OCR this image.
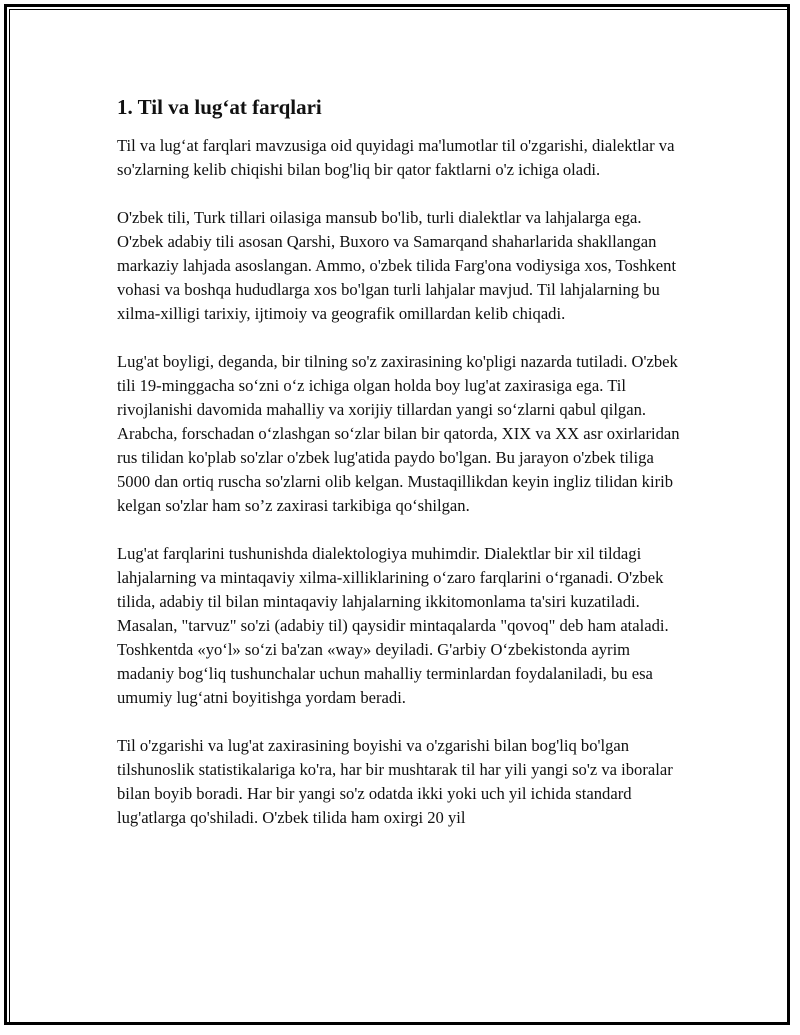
1. Til va lug‘at farqlari

Til va lug‘at farqlari mavzusiga oid quyidagi ma'lumotlar til o'zgarishi, dialektlar va so'zlarning kelib chiqishi bilan bog'liq bir qator faktlarni o'z ichiga oladi.

O'zbek tili, Turk tillari oilasiga mansub bo'lib, turli dialektlar va lahjalarga ega. O'zbek adabiy tili asosan Qarshi, Buxoro va Samarqand shaharlarida shakllangan markaziy lahjada asoslangan. Ammo, o'zbek tilida Farg'ona vodiysiga xos, Toshkent vohasi va boshqa hududlarga xos bo'lgan turli lahjalar mavjud. Til lahjalarning bu xilma-xilligi tarixiy, ijtimoiy va geografik omillardan kelib chiqadi.

Lug'at boyligi, deganda, bir tilning so'z zaxirasining ko'pligi nazarda tutiladi. O'zbek tili 19-minggacha so‘zni o‘z ichiga olgan holda boy lug'at zaxirasiga ega. Til rivojlanishi davomida mahalliy va xorijiy tillardan yangi so‘zlarni qabul qilgan. Arabcha, forschadan o‘zlashgan so‘zlar bilan bir qatorda, XIX va XX asr oxirlaridan rus tilidan ko'plab so'zlar o'zbek lug'atida paydo bo'lgan. Bu jarayon o'zbek tiliga 5000 dan ortiq ruscha so'zlarni olib kelgan. Mustaqillikdan keyin ingliz tilidan kirib kelgan so'zlar ham so’z zaxirasi tarkibiga qo‘shilgan.

Lug'at farqlarini tushunishda dialektologiya muhimdir. Dialektlar bir xil tildagi lahjalarning va mintaqaviy xilma-xilliklarining o‘zaro farqlarini o‘rganadi. O'zbek tilida, adabiy til bilan mintaqaviy lahjalarning ikkitomonlama ta'siri kuzatiladi. Masalan, "tarvuz" so'zi (adabiy til) qaysidir mintaqalarda "qovoq" deb ham ataladi. Toshkentda «yo‘l» so‘zi ba'zan «way» deyiladi. G'arbiy O‘zbekistonda ayrim madaniy bog‘liq tushunchalar uchun mahalliy terminlardan foydalaniladi, bu esa umumiy lug‘atni boyitishga yordam beradi.

Til o'zgarishi va lug'at zaxirasining boyishi va o'zgarishi bilan bog'liq bo'lgan tilshunoslik statistikalariga ko'ra, har bir mushtarak til har yili yangi so'z va iboralar bilan boyib boradi. Har bir yangi so'z odatda ikki yoki uch yil ichida standard lug'atlarga qo'shiladi. O'zbek tilida ham oxirgi 20 yil
